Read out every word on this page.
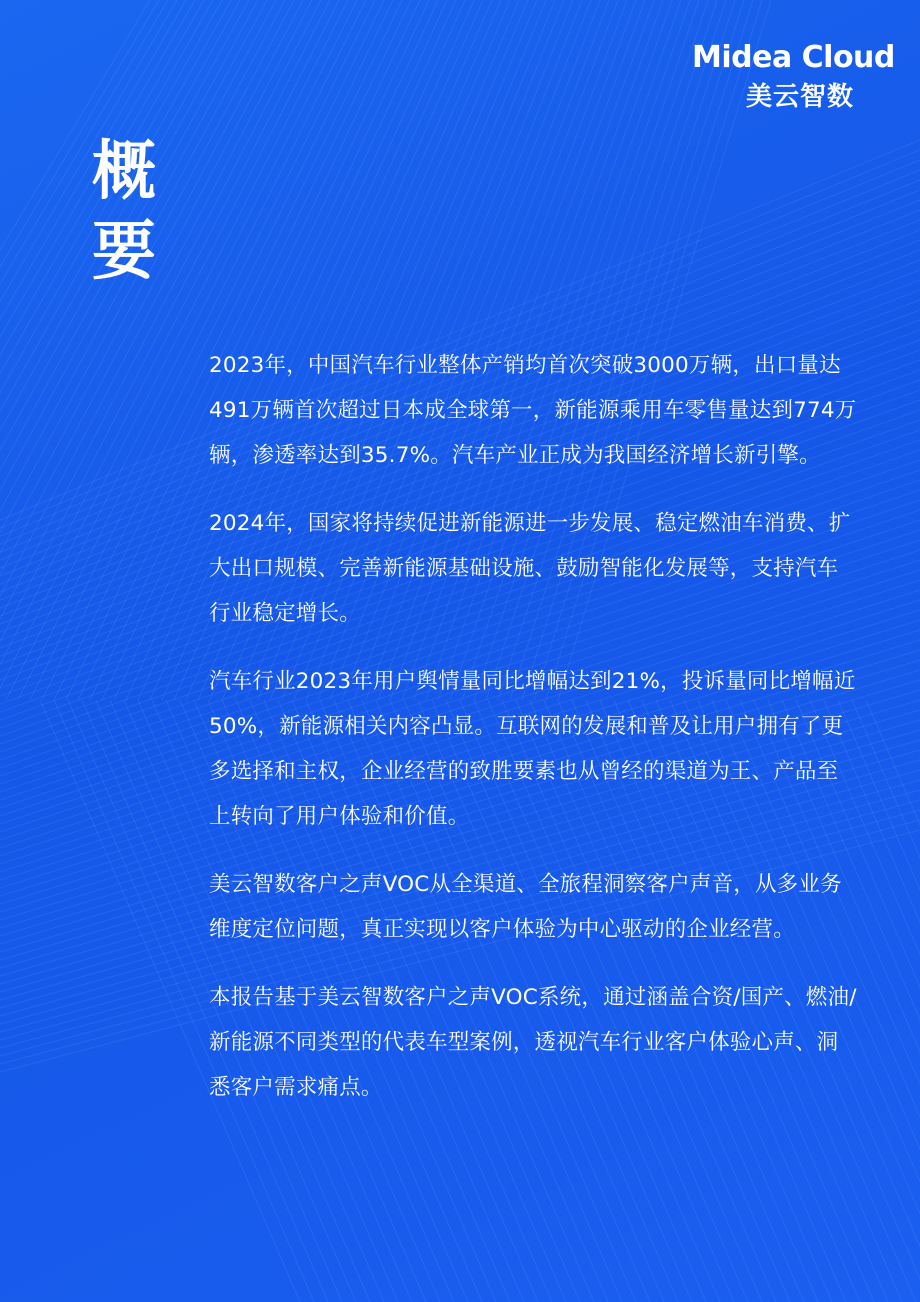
Midea Cloud
美云智数
概
要

2023年，中国汽车行业整体产销均首次突破3000万辆，出口量达491万辆首次超过日本成全球第一，新能源乘用车零售量达到774万辆，渗透率达到35.7%。汽车产业正成为我国经济增长新引擎。

2024年，国家将持续促进新能源进一步发展、稳定燃油车消费、扩大出口规模、完善新能源基础设施、鼓励智能化发展等，支持汽车行业稳定增长。

汽车行业2023年用户舆情量同比增幅达到21%，投诉量同比增幅近50%，新能源相关内容凸显。互联网的发展和普及让用户拥有了更多选择和主权，企业经营的致胜要素也从曾经的渠道为王、产品至上转向了用户体验和价值。

美云智数客户之声VOC从全渠道、全旅程洞察客户声音，从多业务维度定位问题，真正实现以客户体验为中心驱动的企业经营。

本报告基于美云智数客户之声VOC系统，通过涵盖合资/国产、燃油/新能源不同类型的代表车型案例，透视汽车行业客户体验心声、洞悉客户需求痛点。
